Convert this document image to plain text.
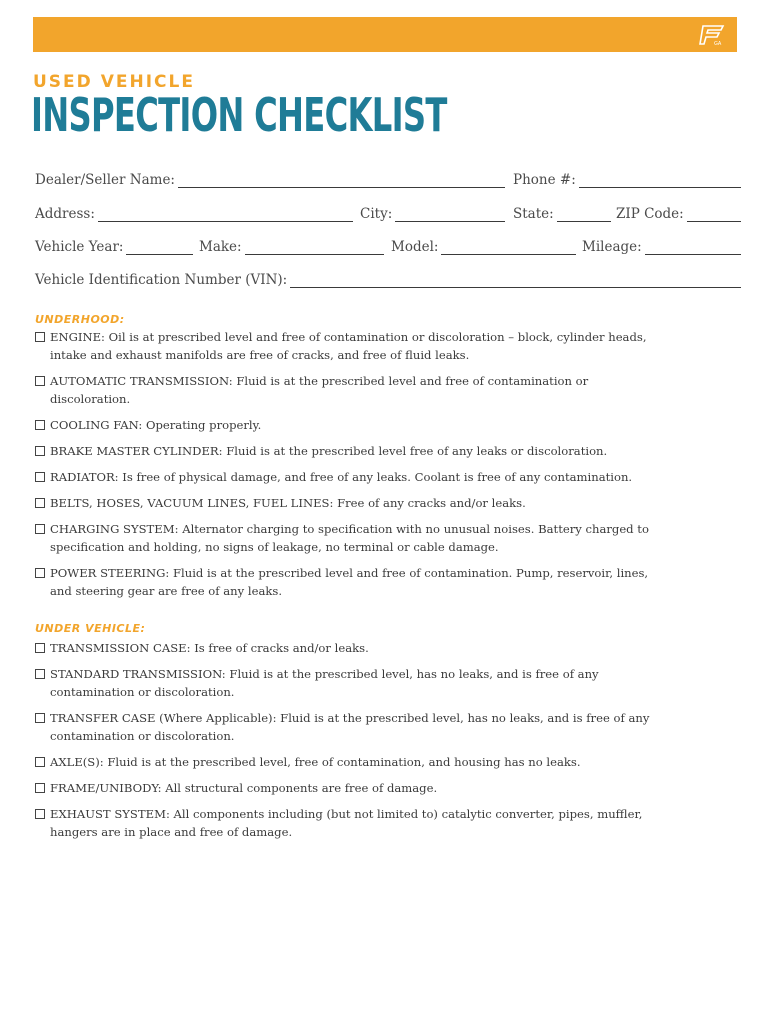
GA
USED VEHICLE
INSPECTION CHECKLIST
Dealer/Seller Name:	Phone #:
Address:	City:	State:	ZIP Code:
Vehicle Year:	Make:	Model:	Mileage:
Vehicle Identification Number (VIN):
UNDERHOOD:
ENGINE: Oil is at prescribed level and free of contamination or discoloration – block, cylinder heads, intake and exhaust manifolds are free of cracks, and free of fluid leaks.
AUTOMATIC TRANSMISSION: Fluid is at the prescribed level and free of contamination or discoloration.
COOLING FAN: Operating properly.
BRAKE MASTER CYLINDER: Fluid is at the prescribed level free of any leaks or discoloration.
RADIATOR: Is free of physical damage, and free of any leaks. Coolant is free of any contamination.
BELTS, HOSES, VACUUM LINES, FUEL LINES: Free of any cracks and/or leaks.
CHARGING SYSTEM: Alternator charging to specification with no unusual noises. Battery charged to specification and holding, no signs of leakage, no terminal or cable damage.
POWER STEERING: Fluid is at the prescribed level and free of contamination. Pump, reservoir, lines, and steering gear are free of any leaks.
UNDER VEHICLE:
TRANSMISSION CASE: Is free of cracks and/or leaks.
STANDARD TRANSMISSION: Fluid is at the prescribed level, has no leaks, and is free of any contamination or discoloration.
TRANSFER CASE (Where Applicable): Fluid is at the prescribed level, has no leaks, and is free of any contamination or discoloration.
AXLE(S): Fluid is at the prescribed level, free of contamination, and housing has no leaks.
FRAME/UNIBODY: All structural components are free of damage.
EXHAUST SYSTEM: All components including (but not limited to) catalytic converter, pipes, muffler, hangers are in place and free of damage.
